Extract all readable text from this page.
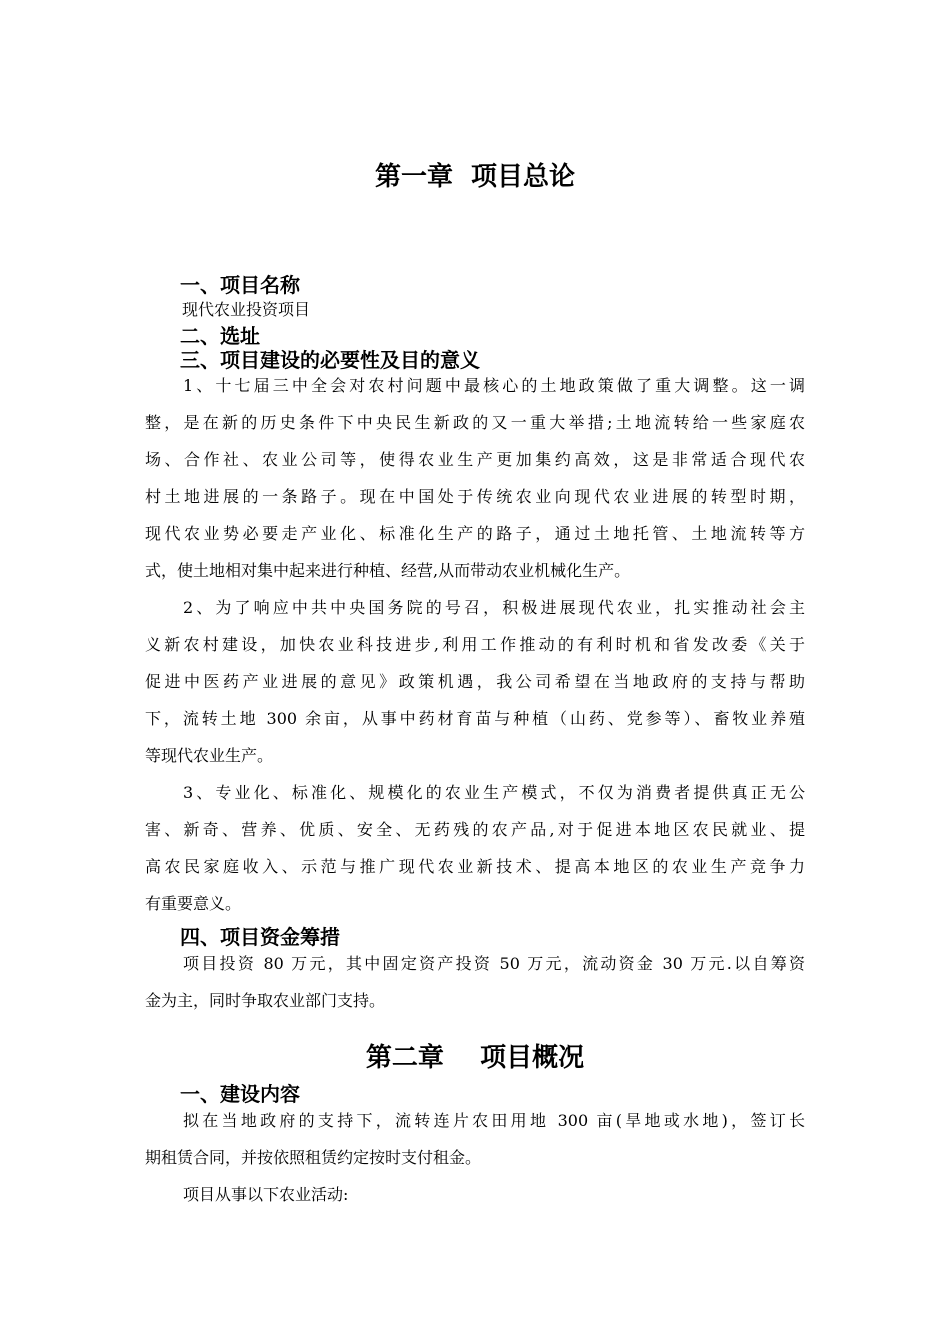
第一章  项目总论
一、项目名称

现代农业投资项目

二、选址
三、项目建设的必要性及目的意义
1、十七届三中全会对农村问题中最核心的土地政策做了重大调整。这一调
整，是在新的历史条件下中央民生新政的又一重大举措;土地流转给一些家庭农
场、合作社、农业公司等，使得农业生产更加集约高效，这是非常适合现代农
村土地进展的一条路子。现在中国处于传统农业向现代农业进展的转型时期，
现代农业势必要走产业化、标准化生产的路子，通过土地托管、土地流转等方
式，使土地相对集中起来进行种植、经营,从而带动农业机械化生产。
2、为了响应中共中央国务院的号召，积极进展现代农业，扎实推动社会主
义新农村建设，加快农业科技进步,利用工作推动的有利时机和省发改委《关于
促进中医药产业进展的意见》政策机遇，我公司希望在当地政府的支持与帮助
下，流转土地 300 余亩，从事中药材育苗与种植（山药、党参等）、畜牧业养殖
等现代农业生产。
3、专业化、标准化、规模化的农业生产模式，不仅为消费者提供真正无公
害、新奇、营养、优质、安全、无药残的农产品,对于促进本地区农民就业、提
高农民家庭收入、示范与推广现代农业新技术、提高本地区的农业生产竞争力
有重要意义。
四、项目资金筹措
项目投资 80 万元，其中固定资产投资 50 万元，流动资金 30 万元.以自筹资
金为主，同时争取农业部门支持。
第二章    项目概况
一、建设内容
拟在当地政府的支持下，流转连片农田用地 300 亩(旱地或水地)，签订长
期租赁合同，并按依照租赁约定按时支付租金。
项目从事以下农业活动:
